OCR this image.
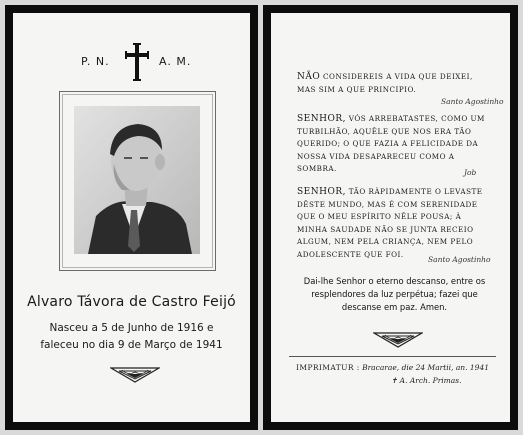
P. N.	A. M.
Alvaro Távora de Castro Feijó
Nasceu a 5 de Junho de 1916 e
faleceu no dia 9 de Março de 1941
NÃO CONSIDEREIS A VIDA QUE DEIXEI, MAS SIM A QUE PRINCIPIO.
Santo Agostinho
SENHOR, VÓS ARREBATASTES, COMO UM TURBILHÃO, AQUÊLE QUE NOS ERA TÃO QUERIDO; O QUE FAZIA A FELICIDADE DA NOSSA VIDA DESAPARECEU COMO A SOMBRA.	Job
SENHOR, TÃO RÀPIDAMENTE O LEVASTE DÊSTE MUNDO, MAS É COM SERENIDADE QUE O MEU ESPÍRITO NÊLE POUSA; À MINHA SAUDADE NÃO SE JUNTA RECEIO ALGUM, NEM PELA CRIANÇA, NEM PELO ADOLESCENTE QUE FOI.
Santo Agostinho
Dai-lhe Senhor o eterno descanso, entre os resplendores da luz perpétua; fazei que descanse em paz. Amen.
IMPRIMATUR : Bracarae, die 24 Martii, an. 1941
✝ A. Arch. Primas.
